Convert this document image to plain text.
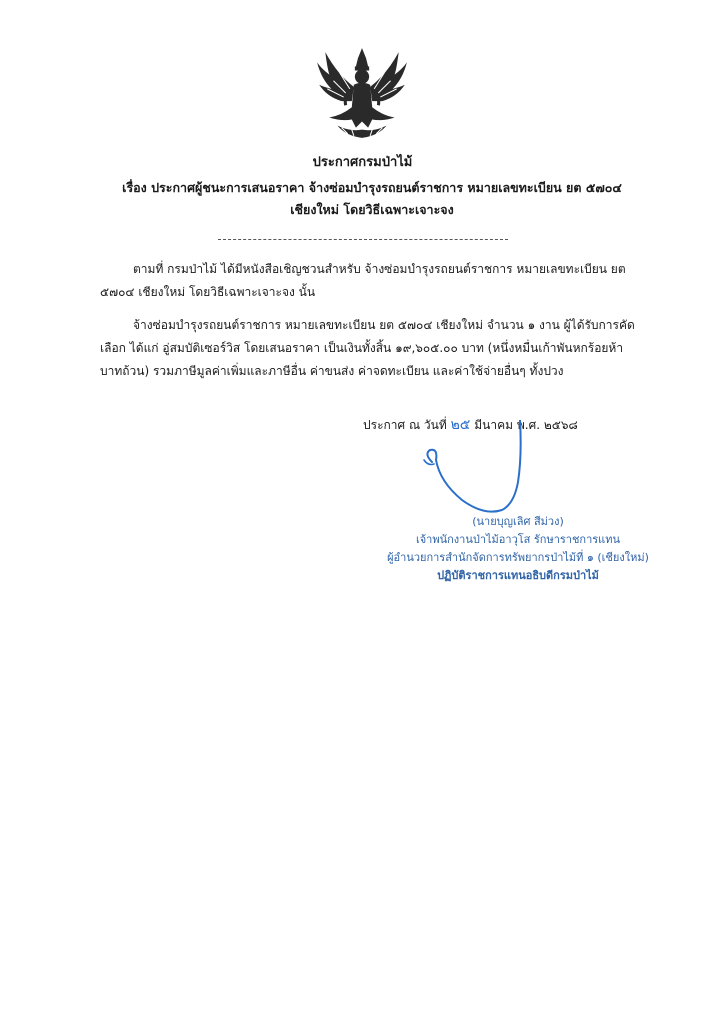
ประกาศกรมป่าไม้
เรื่อง ประกาศผู้ชนะการเสนอราคา จ้างซ่อมบำรุงรถยนต์ราชการ หมายเลขทะเบียน ยต ๕๗๐๔ เชียงใหม่ โดยวิธีเฉพาะเจาะจง
ตามที่ กรมป่าไม้ ได้มีหนังสือเชิญชวนสำหรับ จ้างซ่อมบำรุงรถยนต์ราชการ หมายเลขทะเบียน ยต ๕๗๐๔ เชียงใหม่ โดยวิธีเฉพาะเจาะจง นั้น
จ้างซ่อมบำรุงรถยนต์ราชการ หมายเลขทะเบียน ยต ๕๗๐๔ เชียงใหม่ จำนวน ๑ งาน ผู้ได้รับการคัดเลือก ได้แก่ อู่สมบัติเซอร์วิส โดยเสนอราคา เป็นเงินทั้งสิ้น ๑๙,๖๐๕.๐๐ บาท (หนึ่งหมื่นเก้าพันหกร้อยห้าบาทถ้วน) รวมภาษีมูลค่าเพิ่มและภาษีอื่น ค่าขนส่ง ค่าจดทะเบียน และค่าใช้จ่ายอื่นๆ ทั้งปวง
ประกาศ ณ วันที่ ๒๕ มีนาคม พ.ศ. ๒๕๖๘
(นายบุญเลิศ สีม่วง)
เจ้าพนักงานป่าไม้อาวุโส รักษาราชการแทน
ผู้อำนวยการสำนักจัดการทรัพยากรป่าไม้ที่ ๑ (เชียงใหม่)
ปฏิบัติราชการแทนอธิบดีกรมป่าไม้
